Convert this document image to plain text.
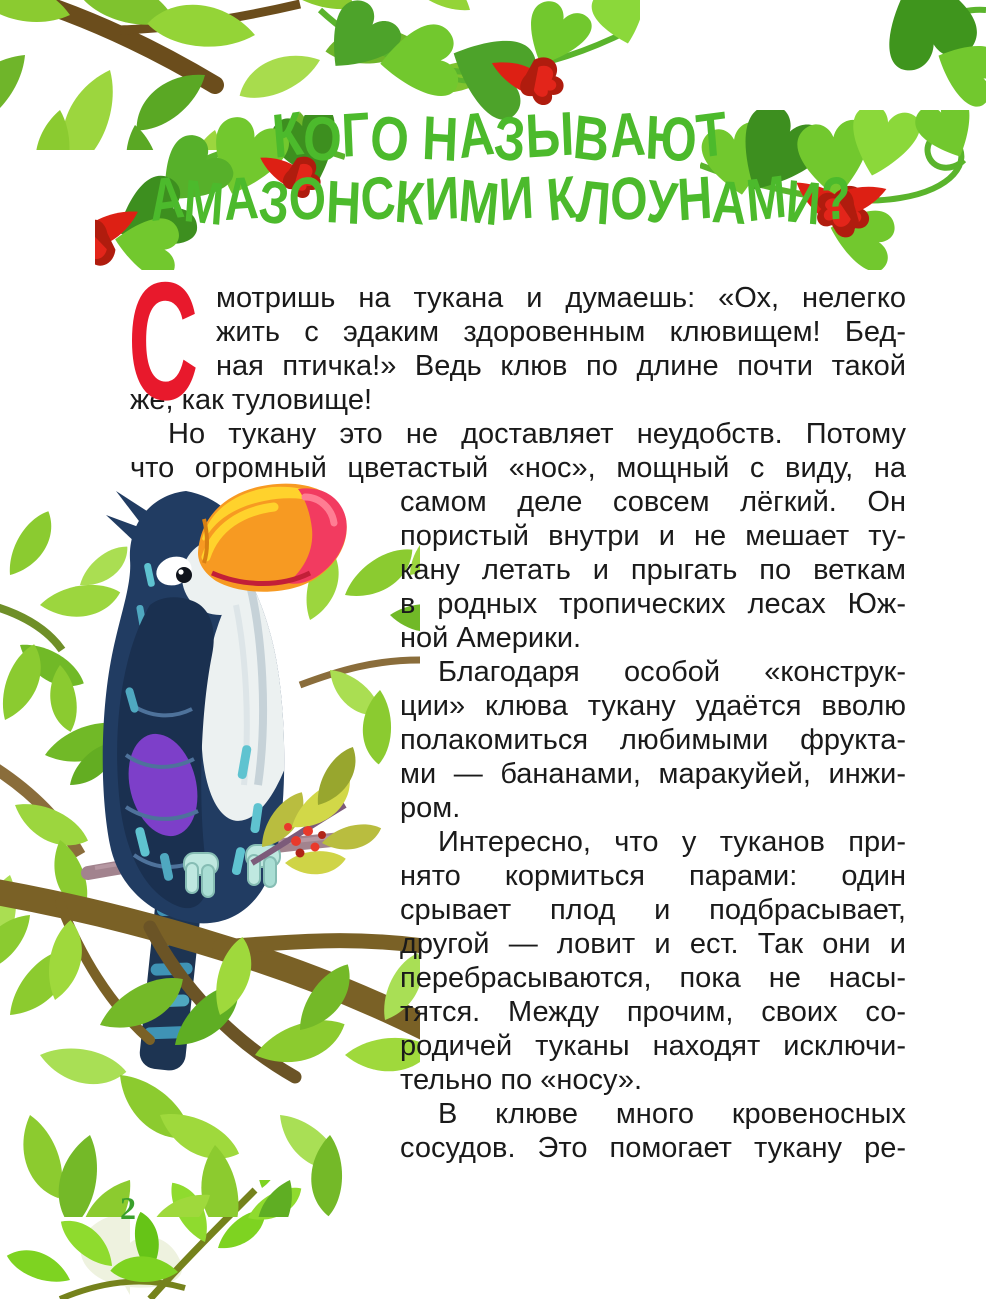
КОГО НАЗЫВАЮТ
АМАЗОНСКИМИ КЛОУНАМИ?
С мотришь на тукана и думаешь: «Ох, нелегко
жить с эдаким здоровенным клювищем! Бед-
ная птичка!» Ведь клюв по длине почти такой
же, как туловище!
Но тукану это не доставляет неудобств. Потому
что огромный цветастый «нос», мощный с виду, на
самом деле совсем лёгкий. Он
пористый внутри и не мешает ту-
кану летать и прыгать по веткам
в родных тропических лесах Юж-
ной Америки.
Благодаря особой «конструк-
ции» клюва тукану удаётся вволю
полакомиться любимыми фрукта-
ми — бананами, маракуйей, инжи-
ром.
Интересно, что у туканов при-
нято кормиться парами: один
срывает плод и подбрасывает,
другой — ловит и ест. Так они и
перебрасываются, пока не насы-
тятся. Между прочим, своих со-
родичей туканы находят исключи-
тельно по «носу».
В клюве много кровеносных
сосудов. Это помогает тукану ре-
2
